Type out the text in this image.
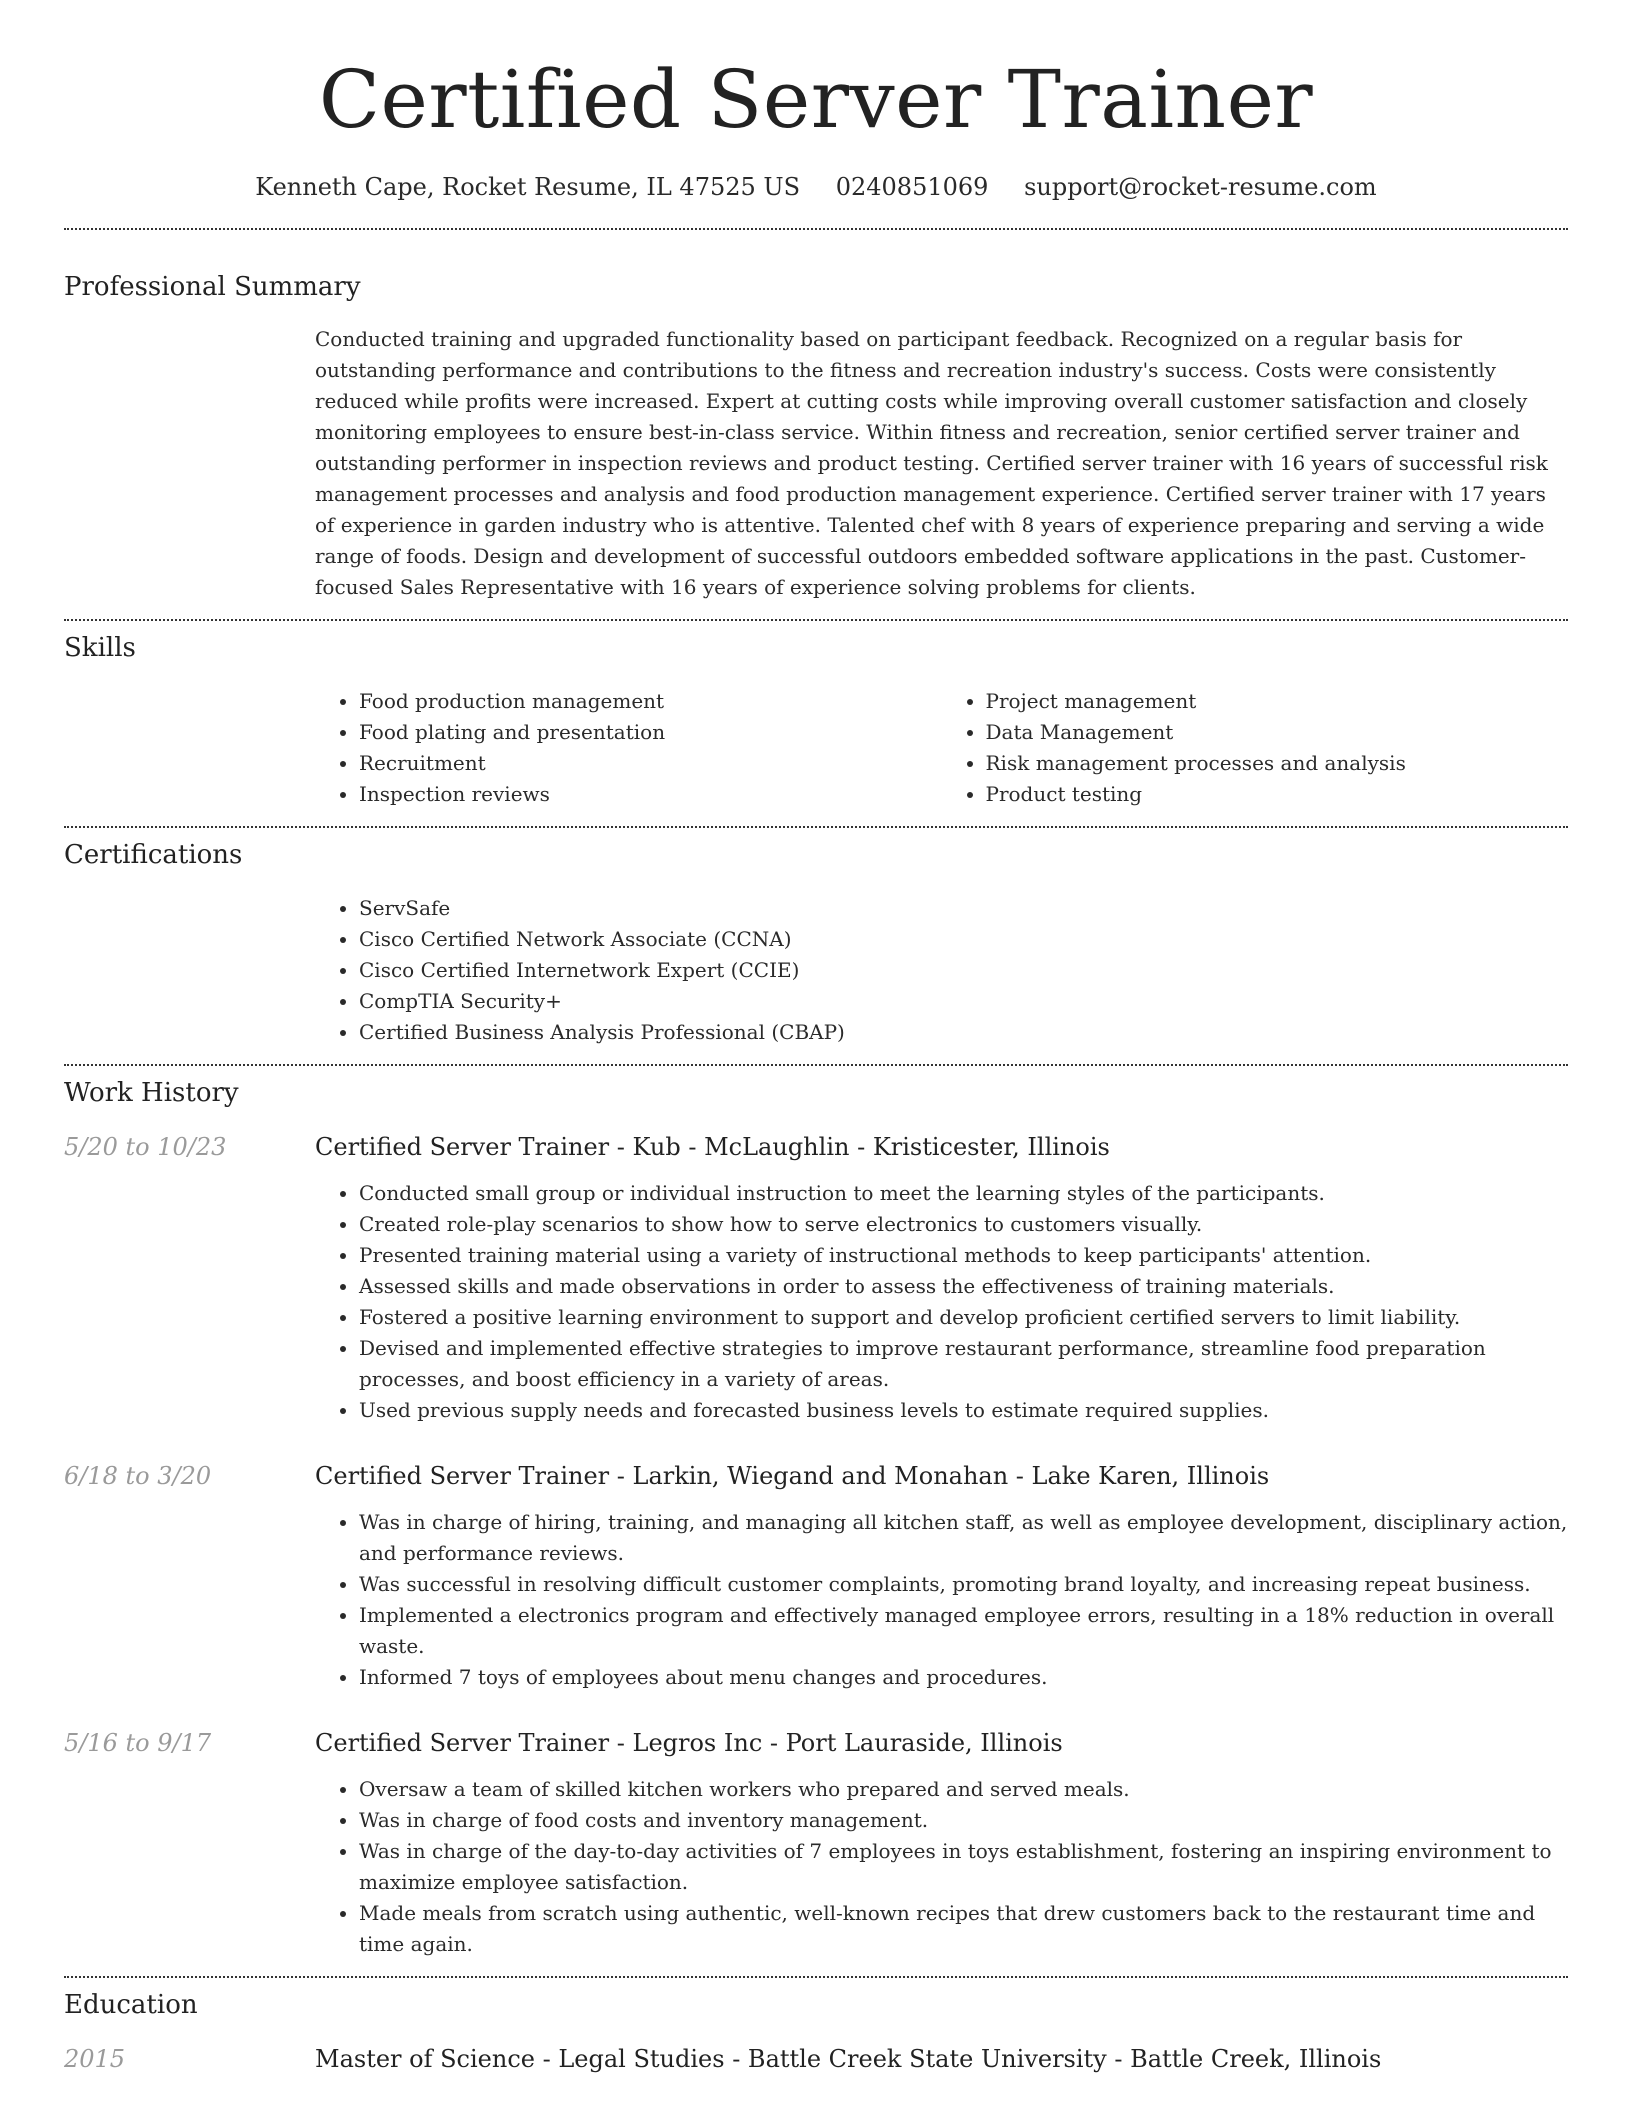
Certified Server Trainer
Kenneth Cape, Rocket Resume, IL 47525 US 0240851069 support@rocket-resume.com
Professional Summary

Conducted training and upgraded functionality based on participant feedback. Recognized on a regular basis for outstanding performance and contributions to the fitness and recreation industry's success. Costs were consistently reduced while profits were increased. Expert at cutting costs while improving overall customer satisfaction and closely monitoring employees to ensure best-in-class service. Within fitness and recreation, senior certified server trainer and outstanding performer in inspection reviews and product testing. Certified server trainer with 16 years of successful risk management processes and analysis and food production management experience. Certified server trainer with 17 years of experience in garden industry who is attentive. Talented chef with 8 years of experience preparing and serving a wide range of foods. Design and development of successful outdoors embedded software applications in the past. Customer-focused Sales Representative with 16 years of experience solving problems for clients.

Skills
• Food production management
• Food plating and presentation
• Recruitment
• Inspection reviews
• Project management
• Data Management
• Risk management processes and analysis
• Product testing
Certifications
• ServSafe
• Cisco Certified Network Associate (CCNA)
• Cisco Certified Internetwork Expert (CCIE)
• CompTIA Security+
• Certified Business Analysis Professional (CBAP)
Work History
5/20 to 10/23	Certified Server Trainer - Kub - McLaughlin - Kristicester, Illinois
• Conducted small group or individual instruction to meet the learning styles of the participants.
• Created role-play scenarios to show how to serve electronics to customers visually.
• Presented training material using a variety of instructional methods to keep participants' attention.
• Assessed skills and made observations in order to assess the effectiveness of training materials.
• Fostered a positive learning environment to support and develop proficient certified servers to limit liability.
• Devised and implemented effective strategies to improve restaurant performance, streamline food preparation processes, and boost efficiency in a variety of areas.
• Used previous supply needs and forecasted business levels to estimate required supplies.
6/18 to 3/20	Certified Server Trainer - Larkin, Wiegand and Monahan - Lake Karen, Illinois
• Was in charge of hiring, training, and managing all kitchen staff, as well as employee development, disciplinary action, and performance reviews.
• Was successful in resolving difficult customer complaints, promoting brand loyalty, and increasing repeat business.
• Implemented a electronics program and effectively managed employee errors, resulting in a 18% reduction in overall waste.
• Informed 7 toys of employees about menu changes and procedures.
5/16 to 9/17	Certified Server Trainer - Legros Inc - Port Lauraside, Illinois
• Oversaw a team of skilled kitchen workers who prepared and served meals.
• Was in charge of food costs and inventory management.
• Was in charge of the day-to-day activities of 7 employees in toys establishment, fostering an inspiring environment to maximize employee satisfaction.
• Made meals from scratch using authentic, well-known recipes that drew customers back to the restaurant time and time again.
Education
2015	Master of Science - Legal Studies - Battle Creek State University - Battle Creek, Illinois
